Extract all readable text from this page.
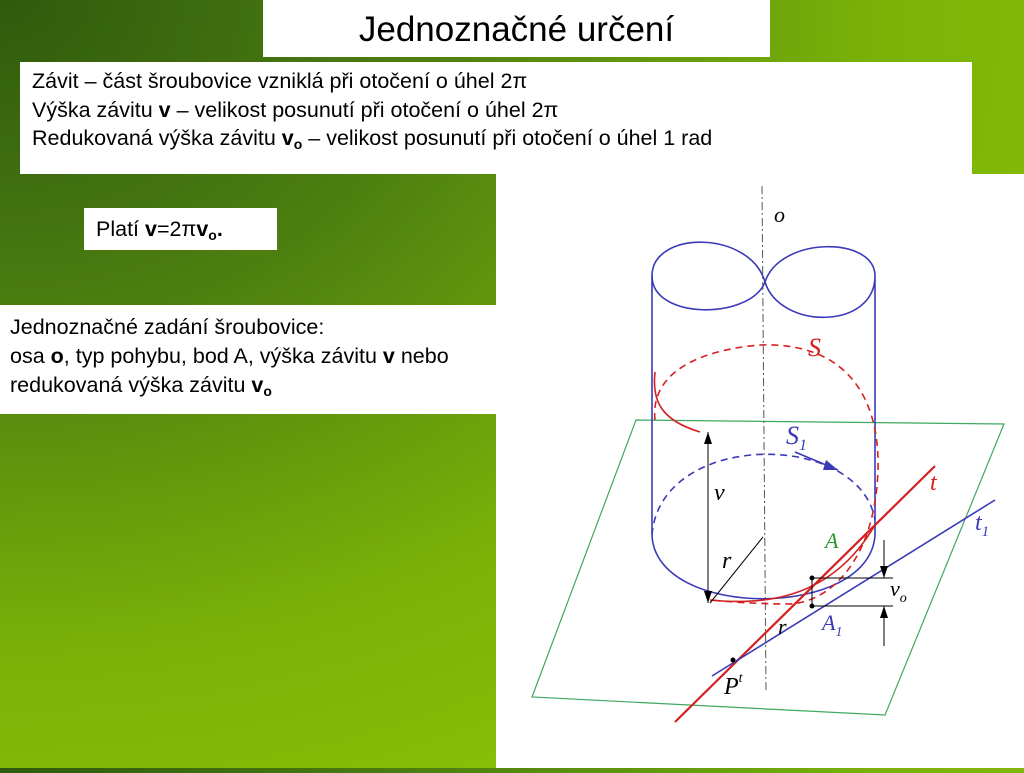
Jednoznačné určení
Závit – část šroubovice vzniklá při otočení o úhel 2π
Výška závitu v – velikost posunutí při otočení o úhel 2π
Redukovaná výška závitu $v_o$ – velikost posunutí při otočení o úhel 1 rad
Platí $v=2\pi v_o$.
Jednoznačné zadání šroubovice:
osa o, typ pohybu, bod A, výška závitu v nebo
redukovaná výška závitu $v_o$
o
S
$S_1$
t
$t_1$
v
r
r
A
$A_1$
$v_o$
$P^t$
